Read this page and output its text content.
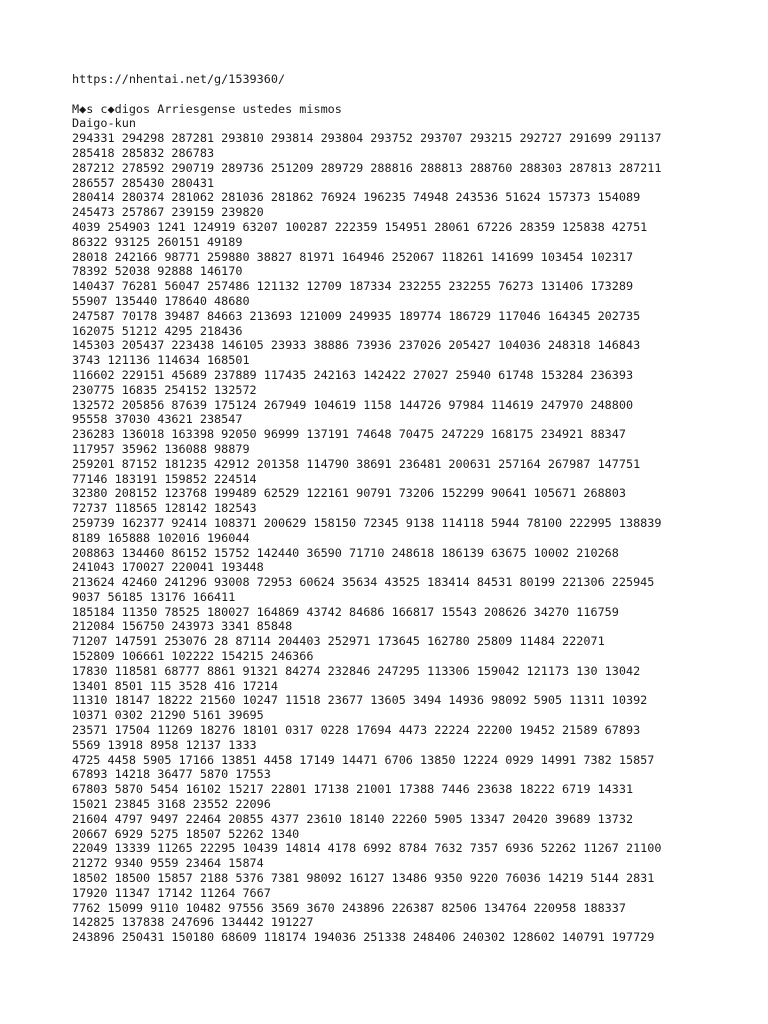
https://nhentai.net/g/1539360/
M◆s c◆digos Arriesgense ustedes mismos
Daigo-kun
294331 294298 287281 293810 293814 293804 293752 293707 293215 292727 291699 291137
285418 285832 286783
287212 278592 290719 289736 251209 289729 288816 288813 288760 288303 287813 287211
286557 285430 280431
280414 280374 281062 281036 281862 76924 196235 74948 243536 51624 157373 154089
245473 257867 239159 239820
4039 254903 1241 124919 63207 100287 222359 154951 28061 67226 28359 125838 42751
86322 93125 260151 49189
28018 242166 98771 259880 38827 81971 164946 252067 118261 141699 103454 102317
78392 52038 92888 146170
140437 76281 56047 257486 121132 12709 187334 232255 232255 76273 131406 173289
55907 135440 178640 48680
247587 70178 39487 84663 213693 121009 249935 189774 186729 117046 164345 202735
162075 51212 4295 218436
145303 205437 223438 146105 23933 38886 73936 237026 205427 104036 248318 146843
3743 121136 114634 168501
116602 229151 45689 237889 117435 242163 142422 27027 25940 61748 153284 236393
230775 16835 254152 132572
132572 205856 87639 175124 267949 104619 1158 144726 97984 114619 247970 248800
95558 37030 43621 238547
236283 136018 163398 92050 96999 137191 74648 70475 247229 168175 234921 88347
117957 35962 136088 98879
259201 87152 181235 42912 201358 114790 38691 236481 200631 257164 267987 147751
77146 183191 159852 224514
32380 208152 123768 199489 62529 122161 90791 73206 152299 90641 105671 268803
72737 118565 128142 182543
259739 162377 92414 108371 200629 158150 72345 9138 114118 5944 78100 222995 138839
8189 165888 102016 196044
208863 134460 86152 15752 142440 36590 71710 248618 186139 63675 10002 210268
241043 170027 220041 193448
213624 42460 241296 93008 72953 60624 35634 43525 183414 84531 80199 221306 225945
9037 56185 13176 166411
185184 11350 78525 180027 164869 43742 84686 166817 15543 208626 34270 116759
212084 156750 243973 3341 85848
71207 147591 253076 28 87114 204403 252971 173645 162780 25809 11484 222071
152809 106661 102222 154215 246366
17830 118581 68777 8861 91321 84274 232846 247295 113306 159042 121173 130 13042
13401 8501 115 3528 416 17214
11310 18147 18222 21560 10247 11518 23677 13605 3494 14936 98092 5905 11311 10392
10371 0302 21290 5161 39695
23571 17504 11269 18276 18101 0317 0228 17694 4473 22224 22200 19452 21589 67893
5569 13918 8958 12137 1333
4725 4458 5905 17166 13851 4458 17149 14471 6706 13850 12224 0929 14991 7382 15857
67893 14218 36477 5870 17553
67803 5870 5454 16102 15217 22801 17138 21001 17388 7446 23638 18222 6719 14331
15021 23845 3168 23552 22096
21604 4797 9497 22464 20855 4377 23610 18140 22260 5905 13347 20420 39689 13732
20667 6929 5275 18507 52262 1340
22049 13339 11265 22295 10439 14814 4178 6992 8784 7632 7357 6936 52262 11267 21100
21272 9340 9559 23464 15874
18502 18500 15857 2188 5376 7381 98092 16127 13486 9350 9220 76036 14219 5144 2831
17920 11347 17142 11264 7667
7762 15099 9110 10482 97556 3569 3670 243896 226387 82506 134764 220958 188337
142825 137838 247696 134442 191227
243896 250431 150180 68609 118174 194036 251338 248406 240302 128602 140791 197729
